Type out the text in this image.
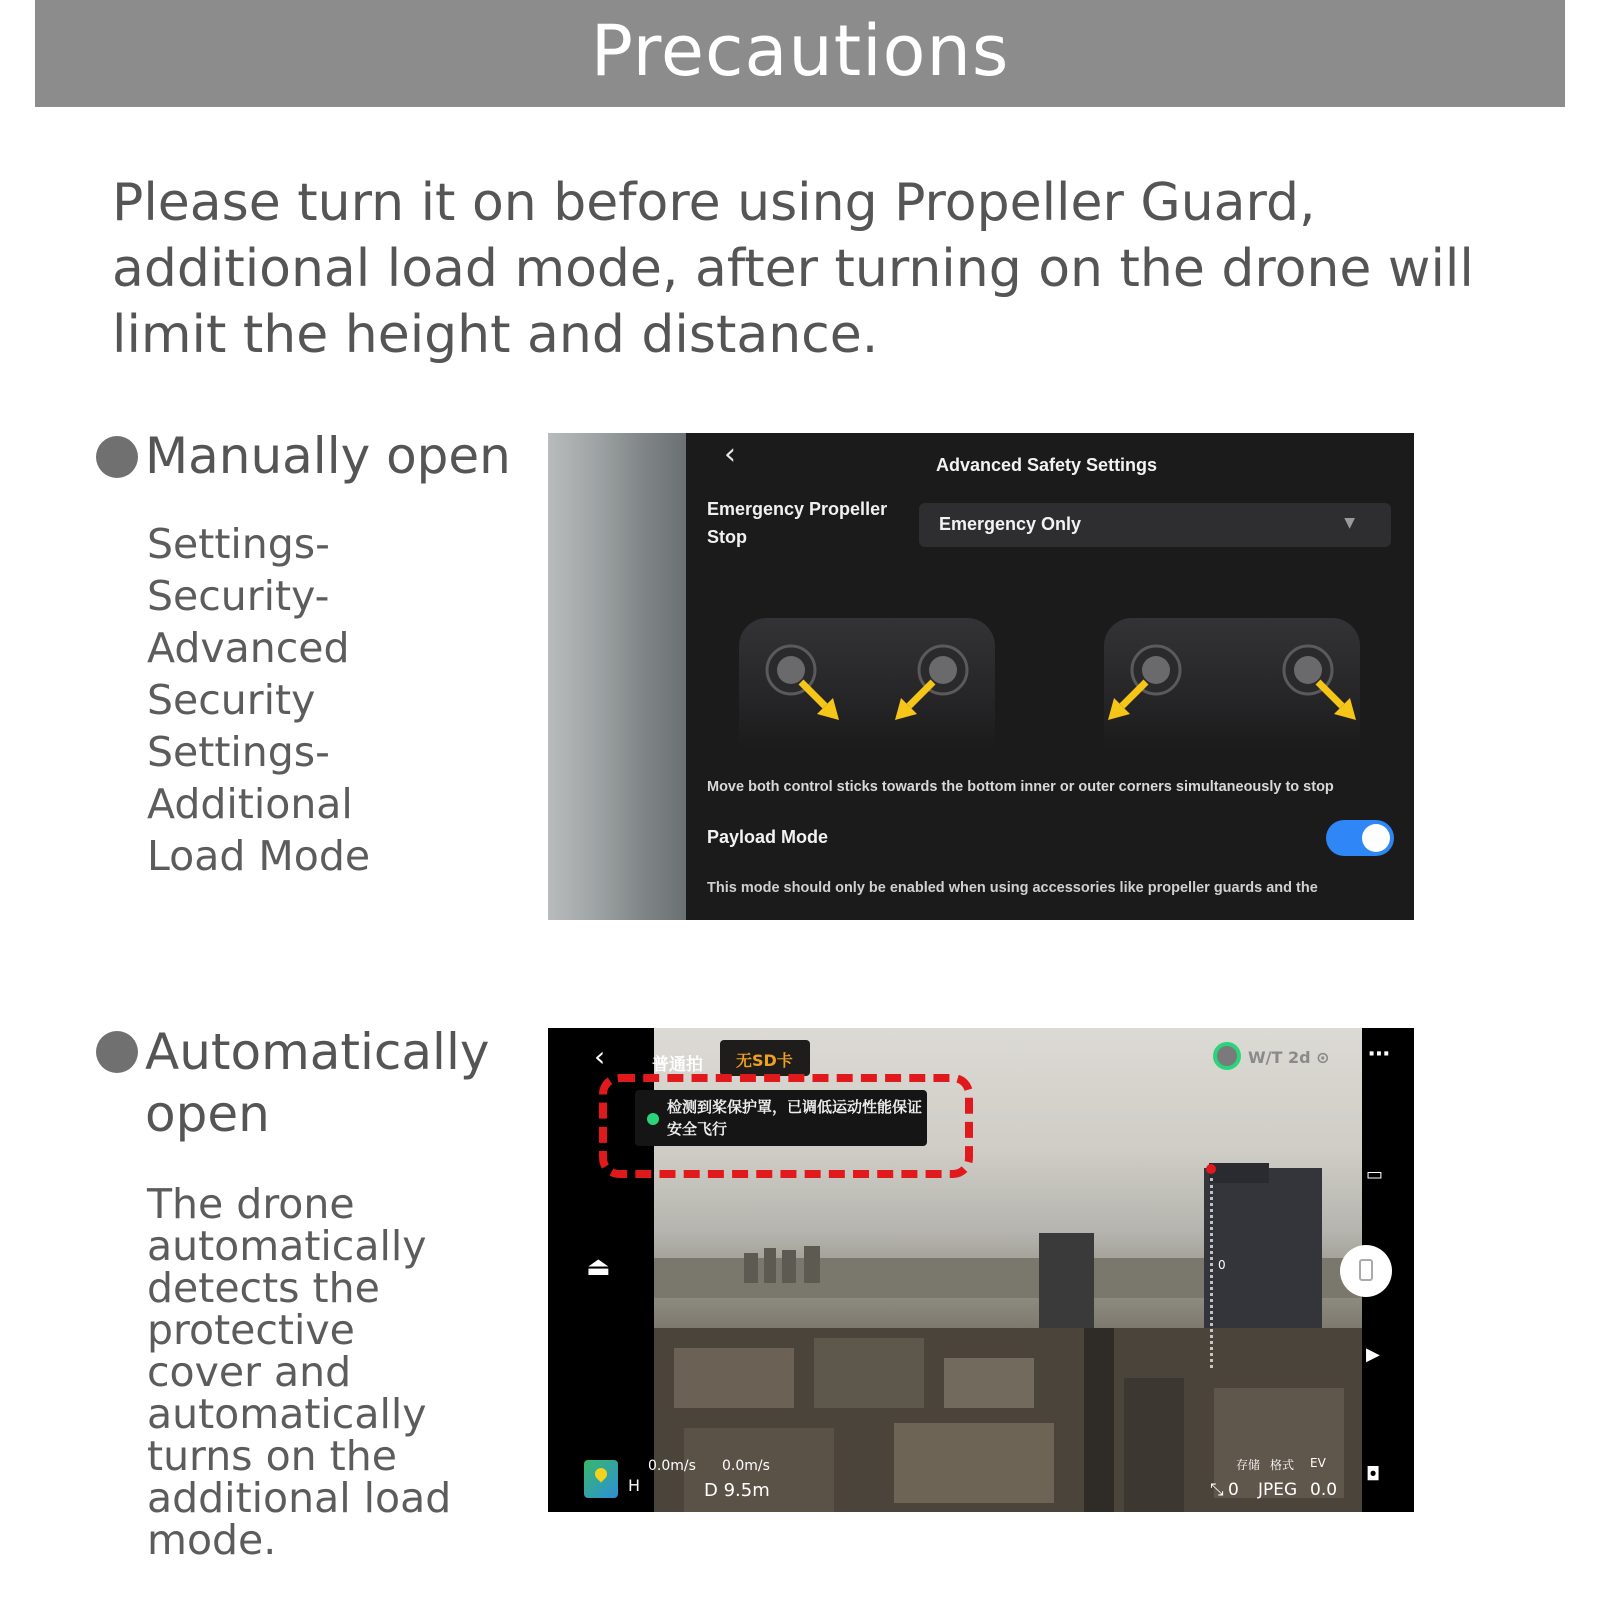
Precautions
Please turn it on before using Propeller Guard, additional load mode, after turning on the drone will limit the height and distance.
Manually open
Settings-Security-Advanced Security Settings-Additional Load Mode
Automatically open
The drone automatically detects the protective cover and automatically turns on the additional load mode.
‹	Advanced Safety Settings
Emergency Propeller Stop
Emergency Only	▼
Move both control sticks towards the bottom inner or outer corners simultaneously to stop
Payload Mode
This mode should only be enabled when using accessories like propeller guards and the
‹	普通拍 无SD卡
检测到桨保护罩，已调低运动性能保证安全飞行
W/T 2d ⊙ ⋯
⏏	0
▭
▶
◘
H
0.0m/s 0.0m/s
D 9.5m
存储 格式 EV
⤡ 0 JPEG 0.0
